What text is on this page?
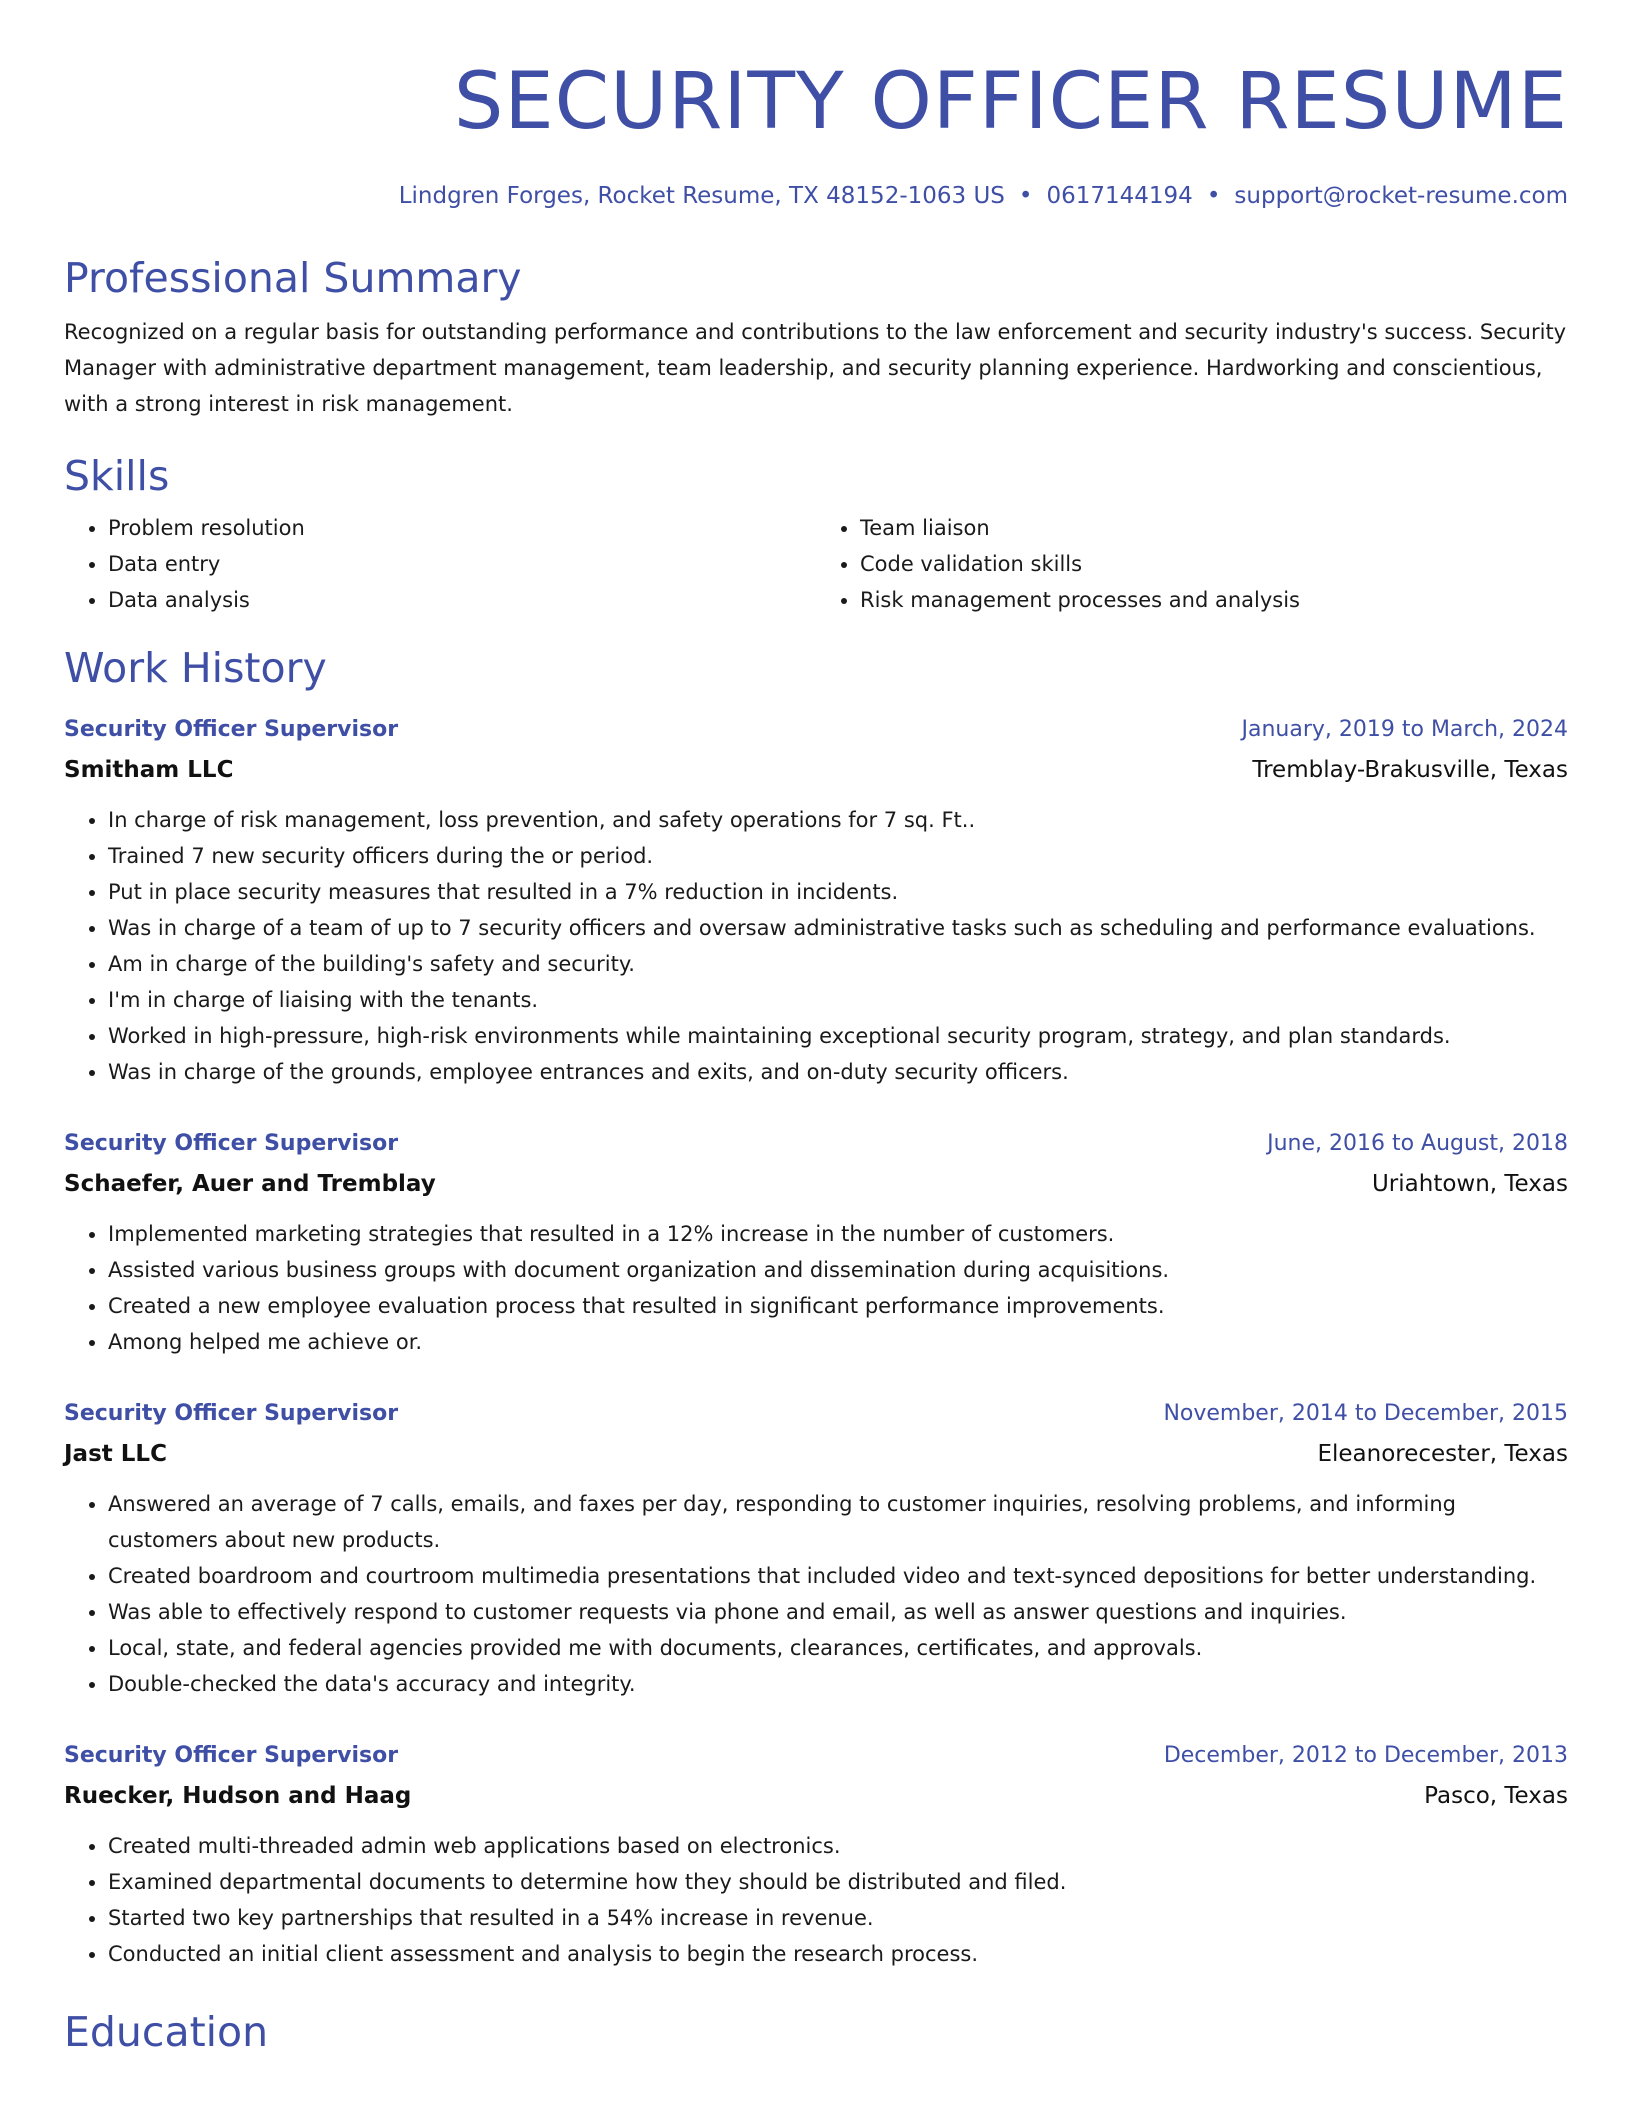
SECURITY OFFICER RESUME
Lindgren Forges, Rocket Resume, TX 48152-1063 US • 0617144194 • support@rocket-resume.com
Professional Summary
Recognized on a regular basis for outstanding performance and contributions to the law enforcement and security industry's success. Security Manager with administrative department management, team leadership, and security planning experience. Hardworking and conscientious, with a strong interest in risk management.
Skills
• Problem resolution
• Data entry
• Data analysis
• Team liaison
• Code validation skills
• Risk management processes and analysis
Work History
Security Officer Supervisor	January, 2019 to March, 2024
Smitham LLC	Tremblay-Brakusville, Texas
• In charge of risk management, loss prevention, and safety operations for 7 sq. Ft..
• Trained 7 new security officers during the or period.
• Put in place security measures that resulted in a 7% reduction in incidents.
• Was in charge of a team of up to 7 security officers and oversaw administrative tasks such as scheduling and performance evaluations.
• Am in charge of the building's safety and security.
• I'm in charge of liaising with the tenants.
• Worked in high-pressure, high-risk environments while maintaining exceptional security program, strategy, and plan standards.
• Was in charge of the grounds, employee entrances and exits, and on-duty security officers.
Security Officer Supervisor	June, 2016 to August, 2018
Schaefer, Auer and Tremblay	Uriahtown, Texas
• Implemented marketing strategies that resulted in a 12% increase in the number of customers.
• Assisted various business groups with document organization and dissemination during acquisitions.
• Created a new employee evaluation process that resulted in significant performance improvements.
• Among helped me achieve or.
Security Officer Supervisor	November, 2014 to December, 2015
Jast LLC	Eleanorecester, Texas
• Answered an average of 7 calls, emails, and faxes per day, responding to customer inquiries, resolving problems, and informing customers about new products.
• Created boardroom and courtroom multimedia presentations that included video and text-synced depositions for better understanding.
• Was able to effectively respond to customer requests via phone and email, as well as answer questions and inquiries.
• Local, state, and federal agencies provided me with documents, clearances, certificates, and approvals.
• Double-checked the data's accuracy and integrity.
Security Officer Supervisor	December, 2012 to December, 2013
Ruecker, Hudson and Haag	Pasco, Texas
• Created multi-threaded admin web applications based on electronics.
• Examined departmental documents to determine how they should be distributed and filed.
• Started two key partnerships that resulted in a 54% increase in revenue.
• Conducted an initial client assessment and analysis to begin the research process.
Education
